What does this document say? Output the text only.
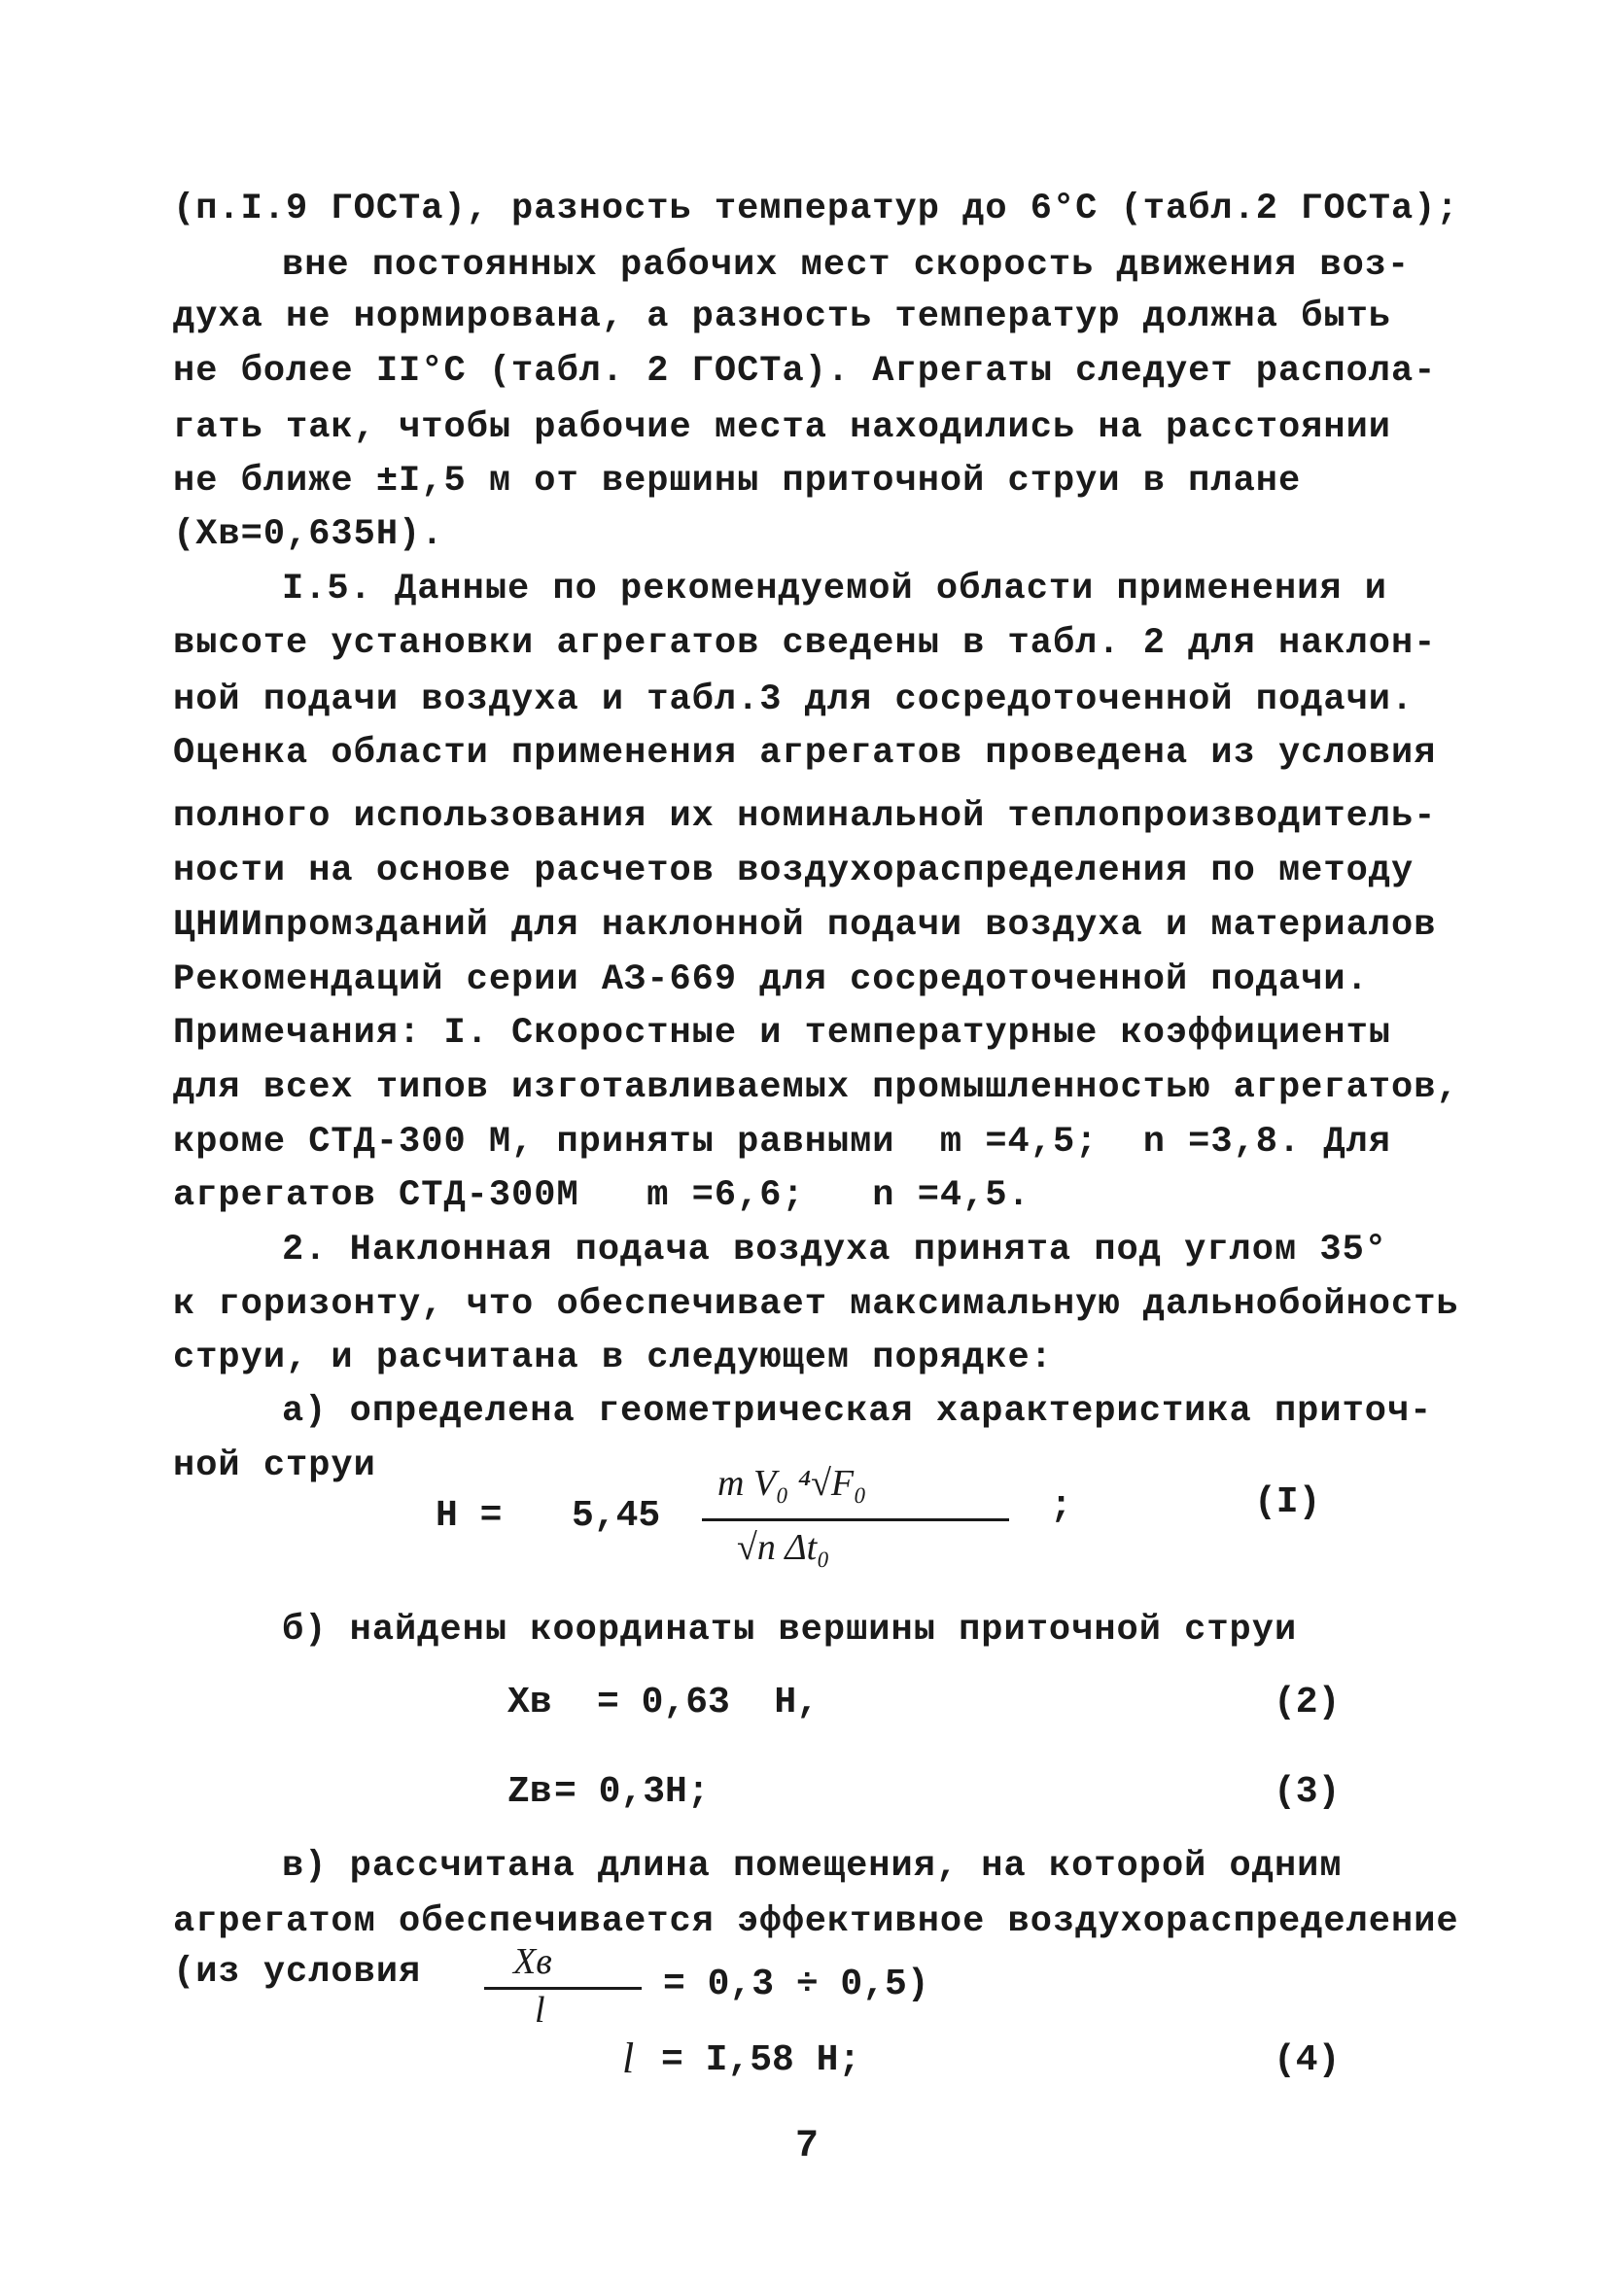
(п.I.9 ГОСТа), разность температур до 6°С (табл.2 ГОСТа);
вне постоянных рабочих мест скорость движения воз-
духа не нормирована, а разность температур должна быть
не более II°С (табл. 2 ГОСТа). Агрегаты следует распола-
гать так, чтобы рабочие места находились на расстоянии
не ближе ±I,5 м от вершины приточной струи в плане
(Хв=0,635Н).
I.5. Данные по рекомендуемой области применения и
высоте установки агрегатов сведены в табл. 2 для наклон-
ной подачи воздуха и табл.3 для сосредоточенной подачи.
Оценка области применения агрегатов проведена из условия
полного использования их номинальной теплопроизводитель-
ности на основе расчетов воздухораспределения по методу
ЦНИИпромзданий для наклонной подачи воздуха и материалов
Рекомендаций серии АЗ-669 для сосредоточенной подачи.
Примечания: I. Скоростные и температурные коэффициенты
для всех типов изготавливаемых промышленностью агрегатов,
кроме СТД-300 М, приняты равными  m =4,5;  n =3,8. Для
агрегатов СТД-300М   m =6,6;   n =4,5.
2. Наклонная подача воздуха принята под углом 35°
к горизонту, что обеспечивает максимальную дальнобойность
струи, и расчитана в следующем порядке:
а) определена геометрическая характеристика приточ-
ной струи
Н = 5,45
m V₀ ⁴√F₀
√n Δt₀
;	(I)
б) найдены координаты вершины приточной струи
Хв = 0,63  Н,	(2)
Zв = 0,3Н;	(3)
в) рассчитана длина помещения, на которой одним
агрегатом обеспечивается эффективное воздухораспределение
(из условия Хв
l
= 0,3 ÷ 0,5)
l = I,58 Н;	(4)
7
